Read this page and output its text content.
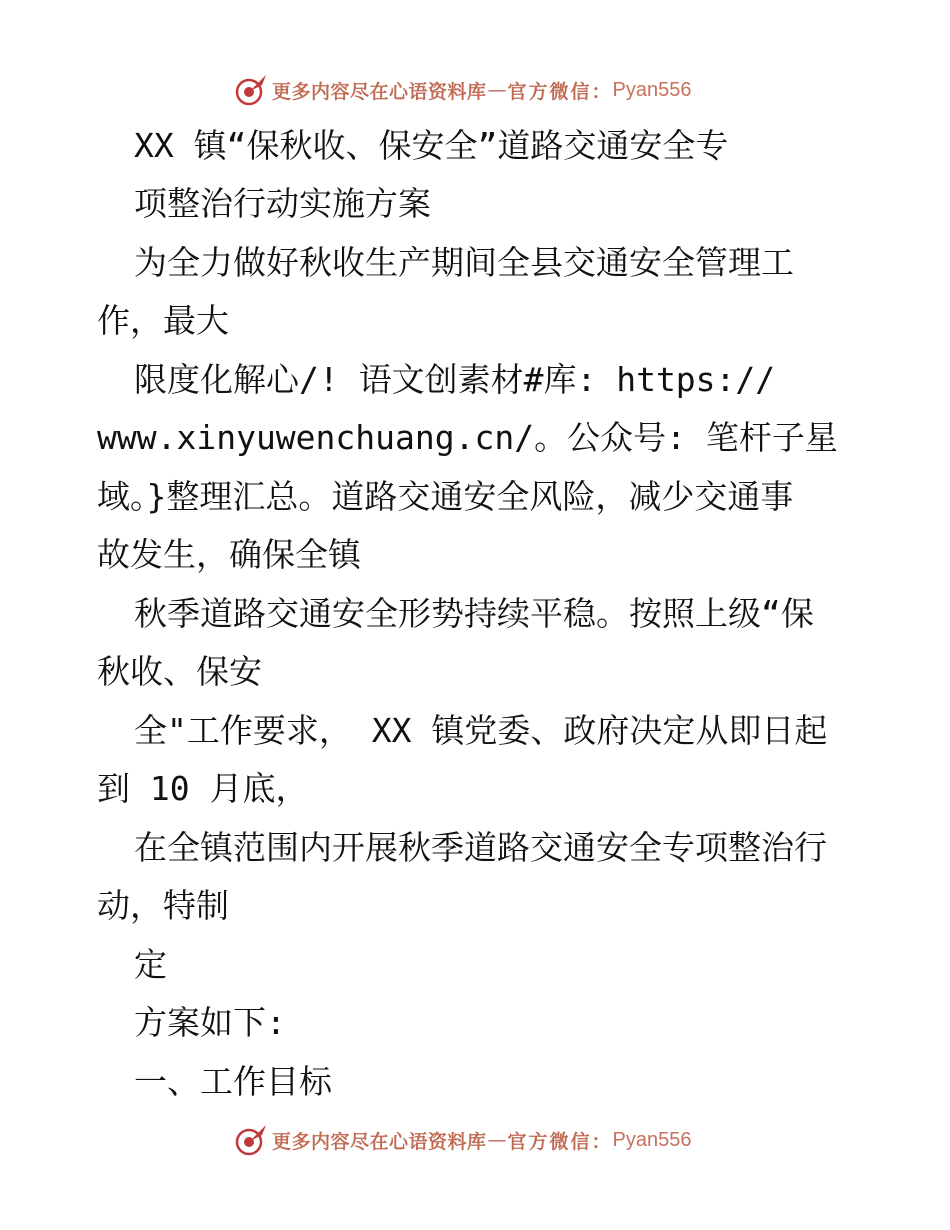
更多内容尽在心语资料库 — 官方微信： Pyan556
XX 镇“保秋收、保安全”道路交通安全专
项整治行动实施方案
为全力做好秋收生产期间全县交通安全管理工
作，最大
限度化解心/! 语文创素材#库: https://
www.xinyuwenchuang.cn/。公众号: 笔杆子星
域。}整理汇总。道路交通安全风险，减少交通事
故发生，确保全镇
秋季道路交通安全形势持续平稳。按照上级“保
秋收、保安
全"工作要求， XX 镇党委、政府决定从即日起
到 10 月底，
在全镇范围内开展秋季道路交通安全专项整治行
动，特制
定
方案如下:
一、工作目标
更多内容尽在心语资料库 — 官方微信： Pyan556
